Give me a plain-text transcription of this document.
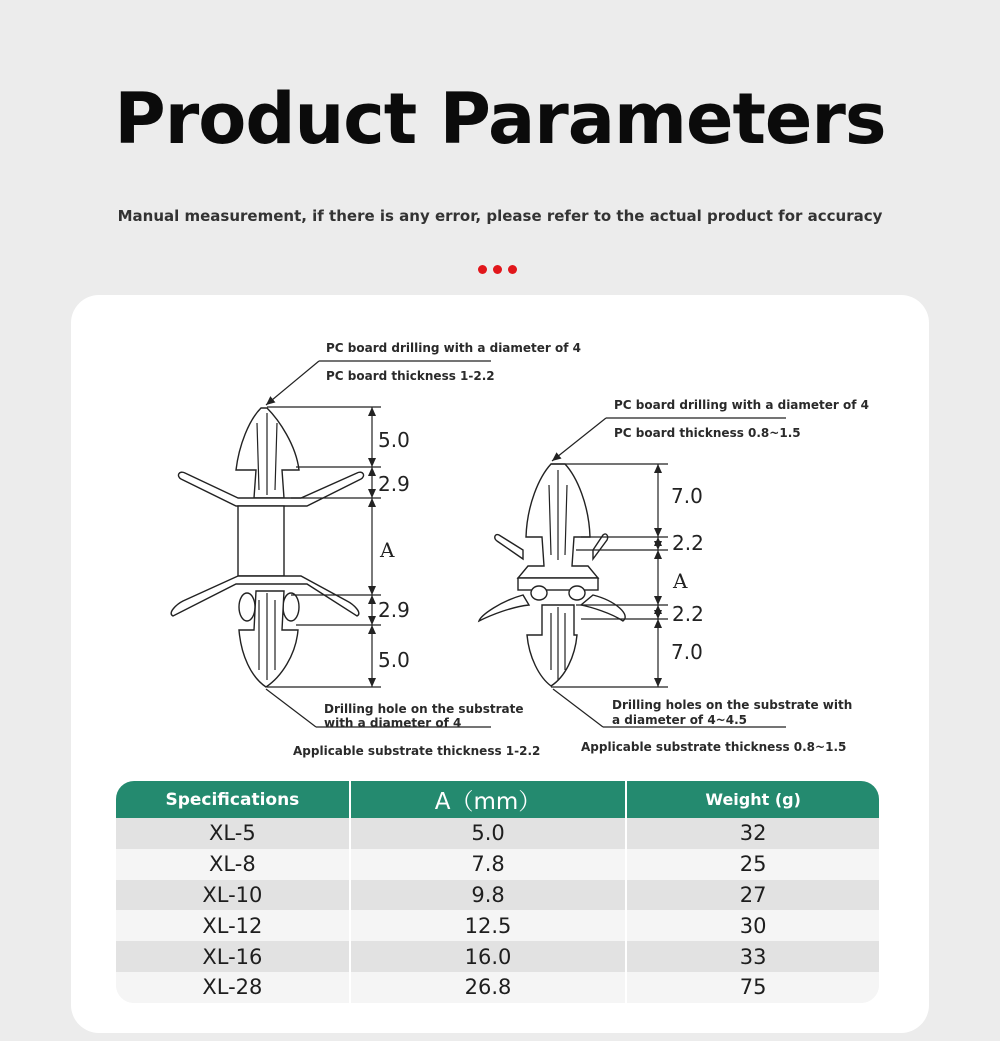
Product Parameters
Manual measurement, if there is any error, please refer to the actual product for accuracy
5.0
2.9
A
2.9
5.0
PC board drilling with a diameter of 4
PC board thickness 1-2.2
Drilling hole on the substrate
with a diameter of 4
Applicable substrate thickness 1-2.2
7.0
2.2
A
2.2
7.0
PC board drilling with a diameter of 4
PC board thickness 0.8~1.5
Drilling holes on the substrate with
a diameter of 4~4.5
Applicable substrate thickness 0.8~1.5
Specifications	A（mm）	Weight (g)
XL-5	5.0	32
XL-8	7.8	25
XL-10	9.8	27
XL-12	12.5	30
XL-16	16.0	33
XL-28	26.8	75
